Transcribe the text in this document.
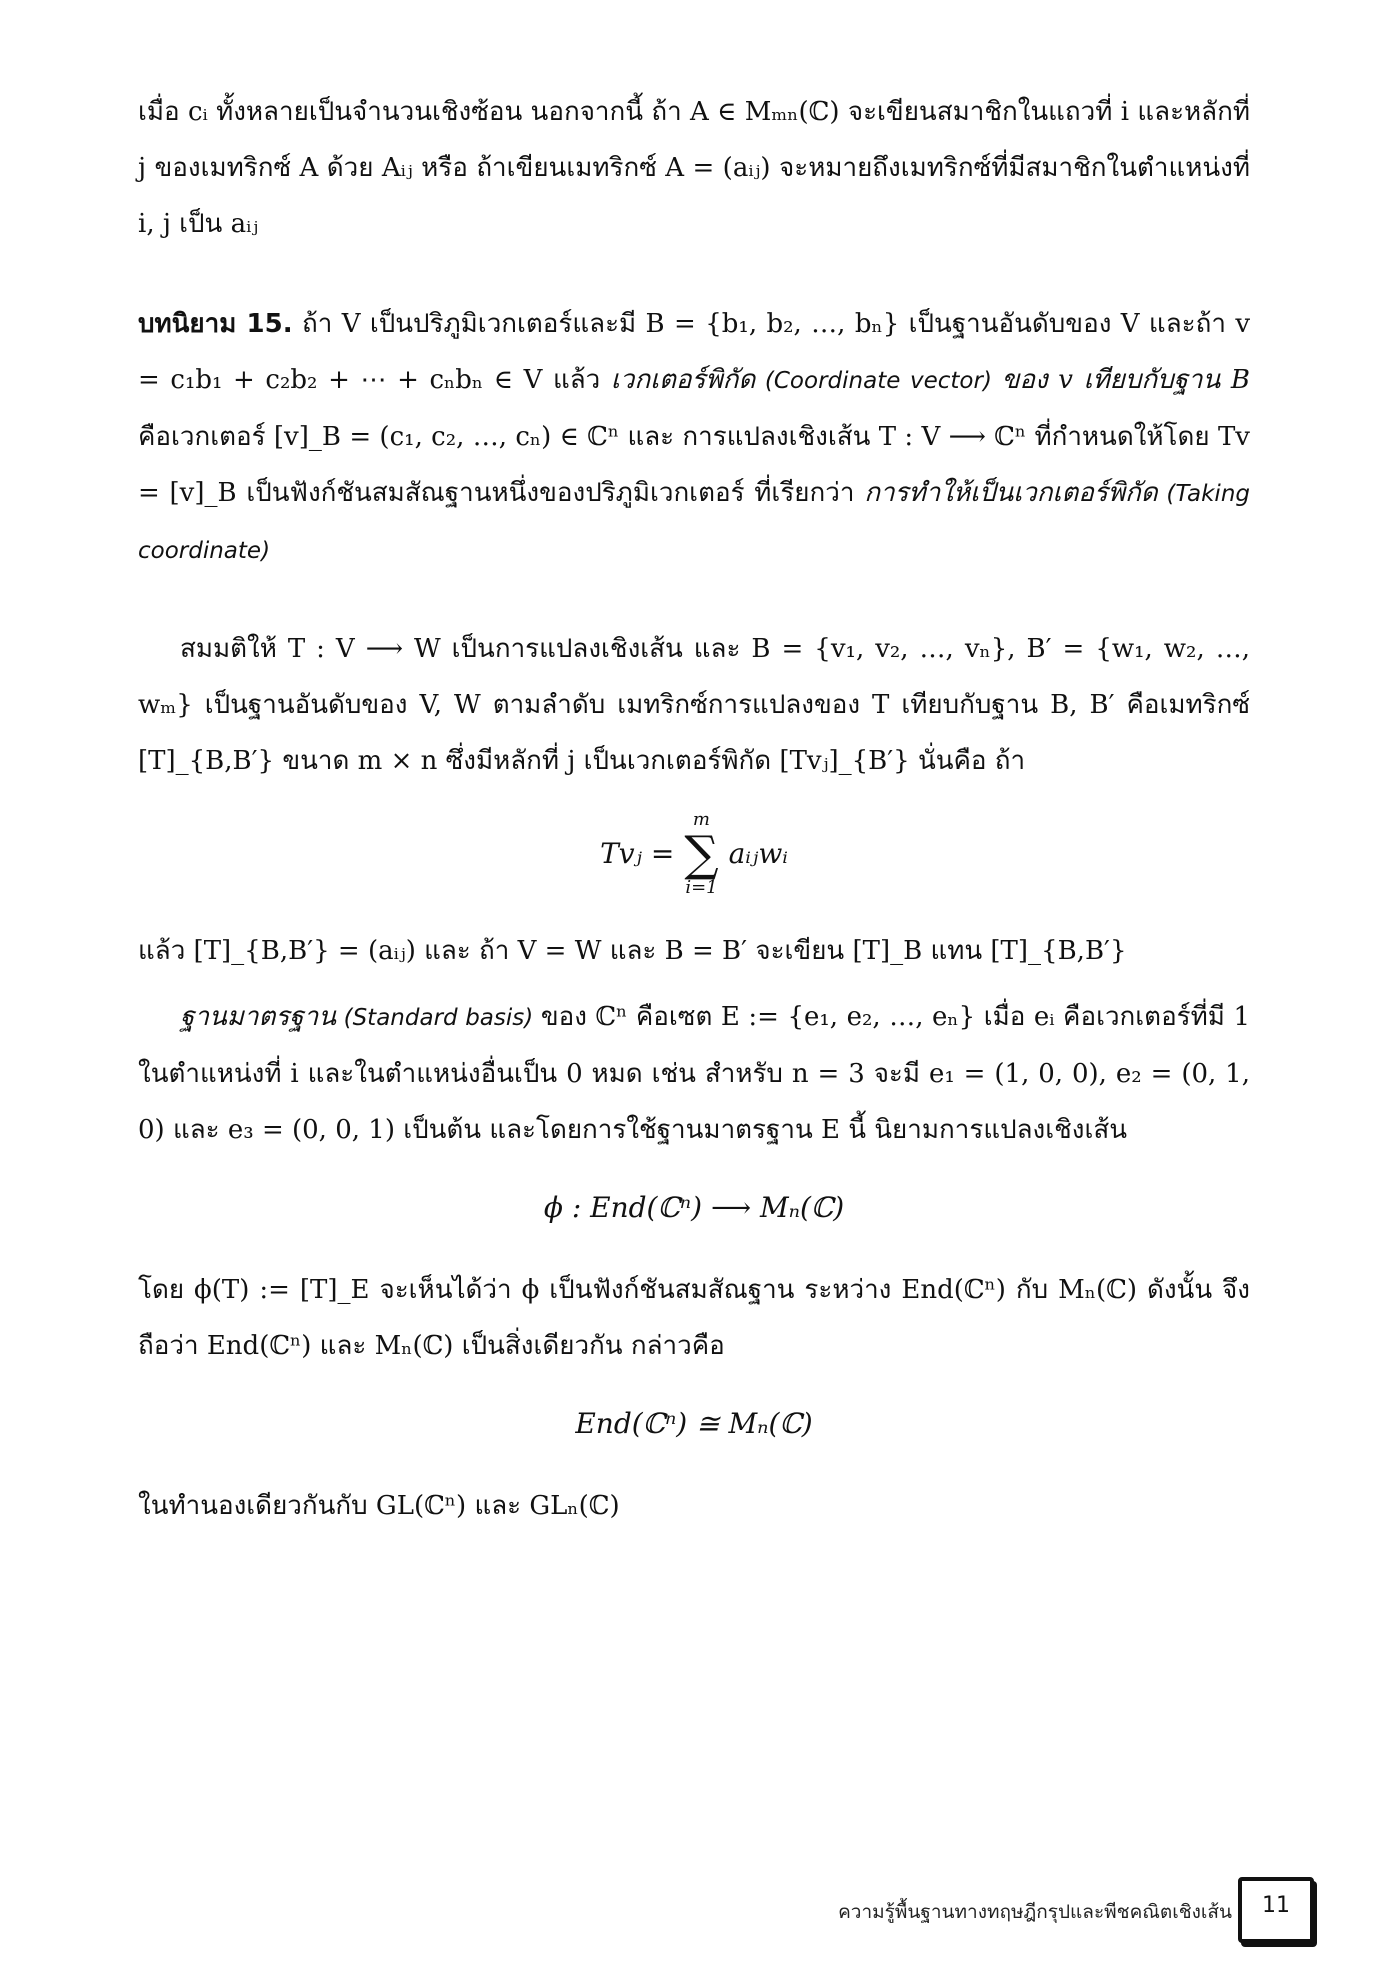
เมื่อ cᵢ ทั้งหลายเป็นจำนวนเชิงซ้อน นอกจากนี้ ถ้า A ∈ Mₘₙ(ℂ) จะเขียนสมาชิกในแถวที่ i และหลักที่ j ของเมทริกซ์ A ด้วย Aᵢⱼ หรือ ถ้าเขียนเมทริกซ์ A = (aᵢⱼ) จะหมายถึงเมทริกซ์ที่มีสมาชิกในตำแหน่งที่ i, j เป็น aᵢⱼ

บทนิยาม 15. ถ้า V เป็นปริภูมิเวกเตอร์และมี B = {b₁, b₂, …, bₙ} เป็นฐานอันดับของ V และถ้า v = c₁b₁ + c₂b₂ + ⋯ + cₙbₙ ∈ V แล้ว เวกเตอร์พิกัด (Coordinate vector) ของ v เทียบกับฐาน B คือเวกเตอร์ [v]_B = (c₁, c₂, …, cₙ) ∈ ℂⁿ และ การแปลงเชิงเส้น T : V ⟶ ℂⁿ ที่กำหนดให้โดย Tv = [v]_B เป็นฟังก์ชันสมสัณฐานหนึ่งของปริภูมิเวกเตอร์ ที่เรียกว่า การทำให้เป็นเวกเตอร์พิกัด (Taking coordinate)

สมมติให้ T : V ⟶ W เป็นการแปลงเชิงเส้น และ B = {v₁, v₂, …, vₙ}, B′ = {w₁, w₂, …, wₘ} เป็นฐานอันดับของ V, W ตามลำดับ เมทริกซ์การแปลงของ T เทียบกับฐาน B, B′ คือเมทริกซ์ [T]_{B,B′} ขนาด m × n ซึ่งมีหลักที่ j เป็นเวกเตอร์พิกัด [Tvⱼ]_{B′} นั่นคือ ถ้า

Tvⱼ =
m
∑
i=1
aᵢⱼwᵢ

แล้ว [T]_{B,B′} = (aᵢⱼ) และ ถ้า V = W และ B = B′ จะเขียน [T]_B แทน [T]_{B,B′}

ฐานมาตรฐาน (Standard basis) ของ ℂⁿ คือเซต E := {e₁, e₂, …, eₙ} เมื่อ eᵢ คือเวกเตอร์ที่มี 1 ในตำแหน่งที่ i และในตำแหน่งอื่นเป็น 0 หมด เช่น สำหรับ n = 3 จะมี e₁ = (1, 0, 0), e₂ = (0, 1, 0) และ e₃ = (0, 0, 1) เป็นต้น และโดยการใช้ฐานมาตรฐาน E นี้ นิยามการแปลงเชิงเส้น

ϕ : End(ℂⁿ) ⟶ Mₙ(ℂ)

โดย ϕ(T) := [T]_E จะเห็นได้ว่า ϕ เป็นฟังก์ชันสมสัณฐาน ระหว่าง End(ℂⁿ) กับ Mₙ(ℂ) ดังนั้น จึงถือว่า End(ℂⁿ) และ Mₙ(ℂ) เป็นสิ่งเดียวกัน กล่าวคือ

End(ℂⁿ) ≅ Mₙ(ℂ)

ในทำนองเดียวกันกับ GL(ℂⁿ) และ GLₙ(ℂ)

ความรู้พื้นฐานทางทฤษฎีกรุปและพีชคณิตเชิงเส้น	11
